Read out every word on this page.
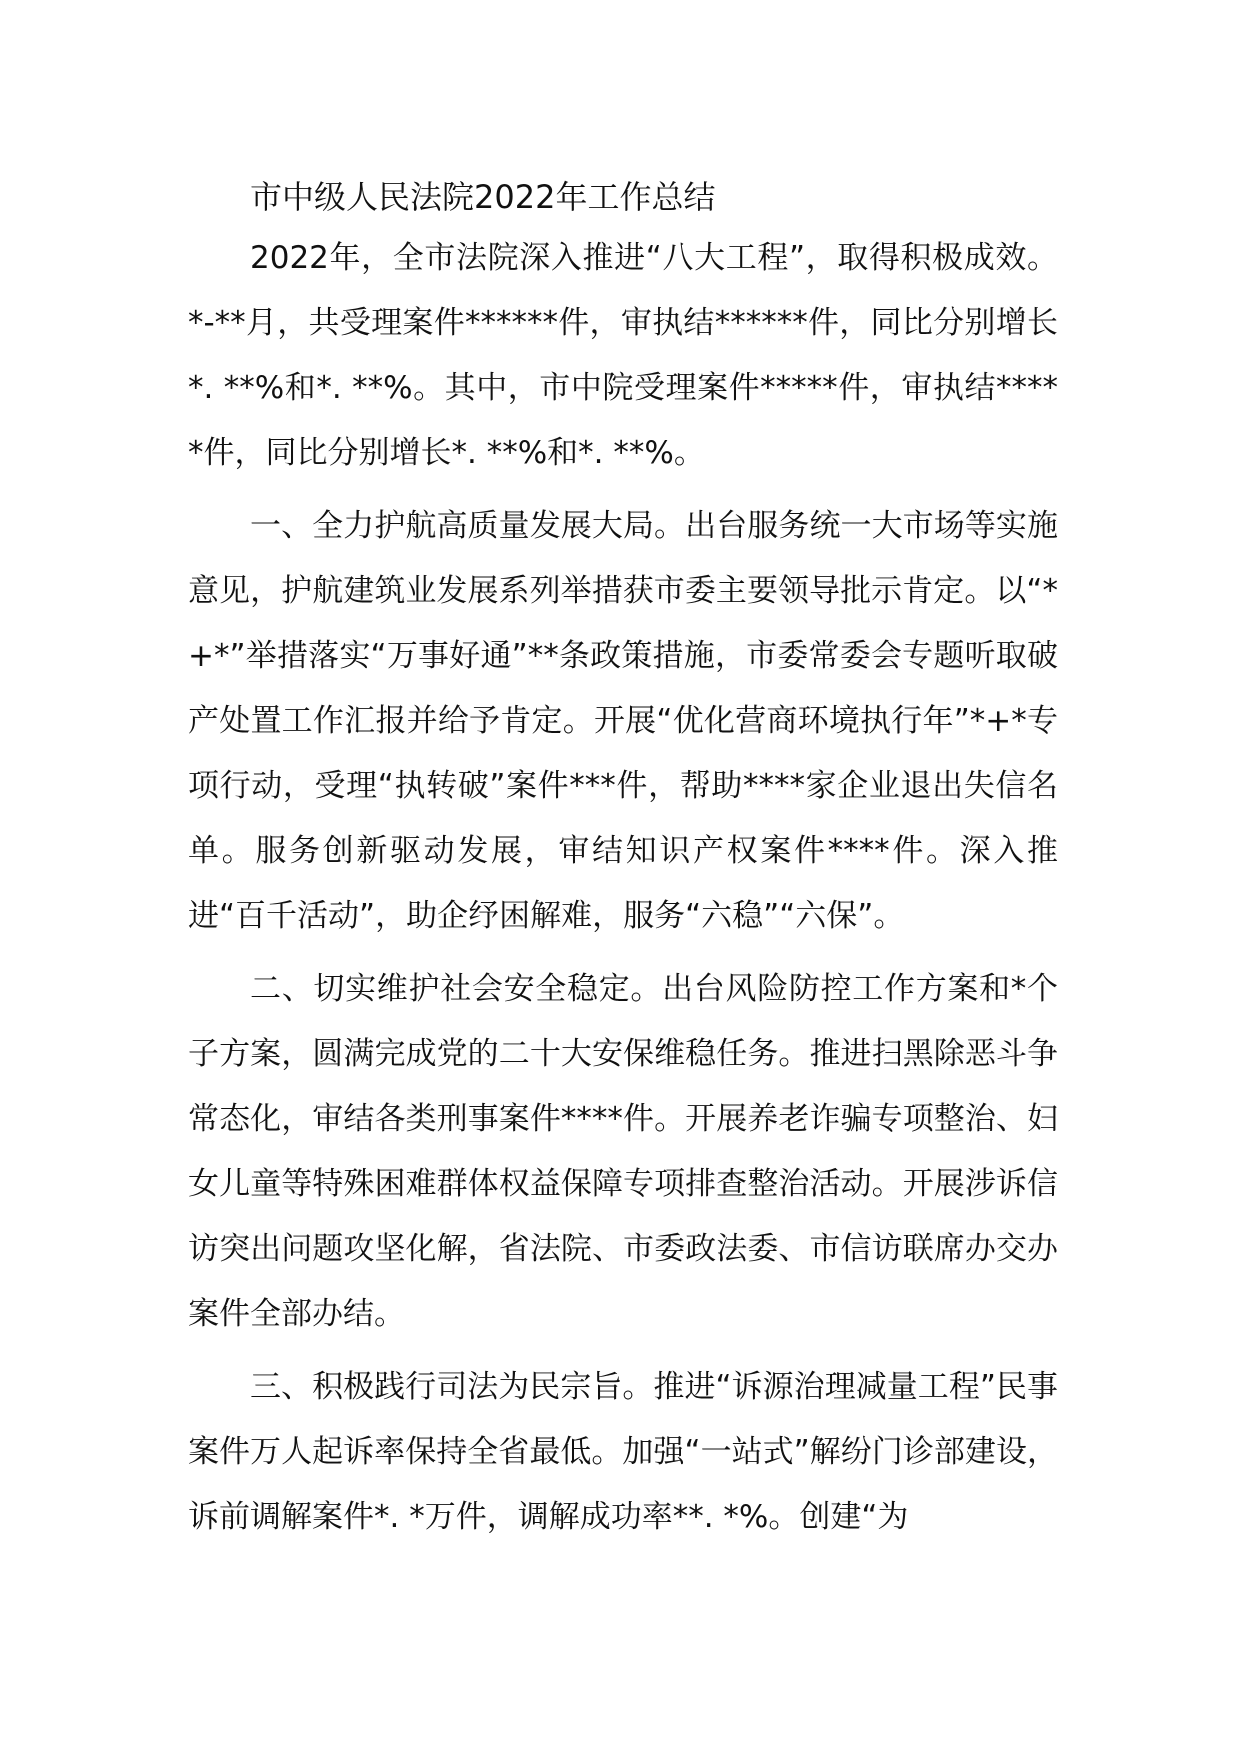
市中级人民法院2022年工作总结

2022年，全市法院深入推进“八大工程”，取得积极成效。*-**月，共受理案件******件，审执结******件，同比分别增长*. **%和*. **%。其中，市中院受理案件*****件，审执结*****件，同比分别增长*. **%和*. **%。

一、全力护航高质量发展大局。出台服务统一大市场等实施意见，护航建筑业发展系列举措获市委主要领导批示肯定。以“*+*”举措落实“万事好通”**条政策措施，市委常委会专题听取破产处置工作汇报并给予肯定。开展“优化营商环境执行年”*+*专项行动，受理“执转破”案件***件，帮助****家企业退出失信名单。服务创新驱动发展，审结知识产权案件****件。深入推进“百千活动”，助企纾困解难，服务“六稳”“六保”。

二、切实维护社会安全稳定。出台风险防控工作方案和*个子方案，圆满完成党的二十大安保维稳任务。推进扫黑除恶斗争常态化，审结各类刑事案件****件。开展养老诈骗专项整治、妇女儿童等特殊困难群体权益保障专项排查整治活动。开展涉诉信访突出问题攻坚化解，省法院、市委政法委、市信访联席办交办案件全部办结。

三、积极践行司法为民宗旨。推进“诉源治理减量工程”民事案件万人起诉率保持全省最低。加强“一站式”解纷门诊部建设，诉前调解案件*. *万件，调解成功率**. *%。创建“为
